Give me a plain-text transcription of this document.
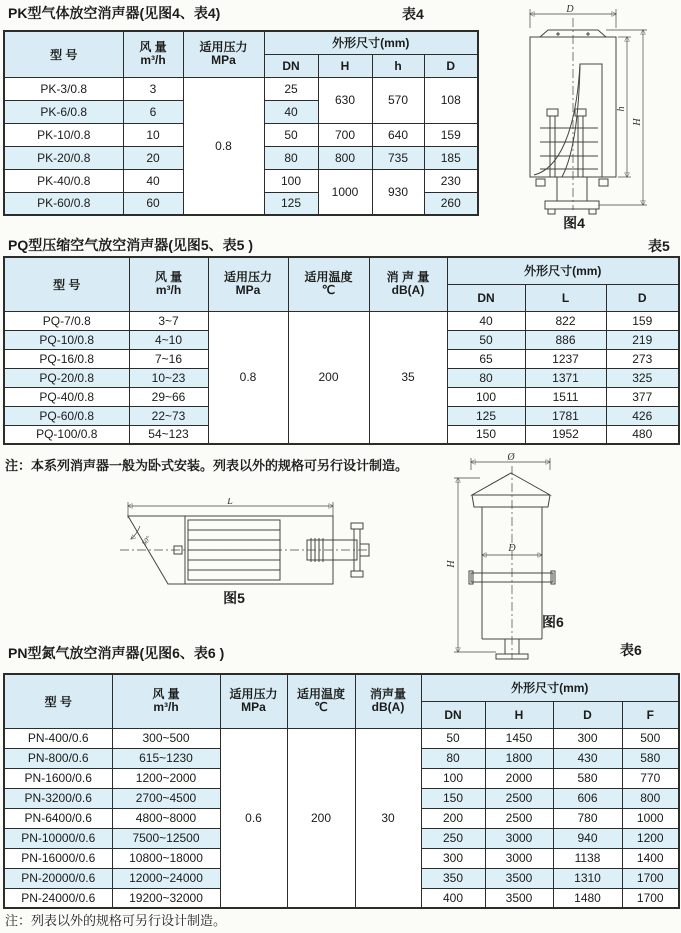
PK型气体放空消声器(见图4、表4)	表4
型 号	
风 量
m³/h

适用压力
MPa
	外形尺寸(mm)
			DN	H	h	D
PK-3/0.8	3	0.8	25	630	570	108
PK-6/0.8	6		40			
PK-10/0.8	10		50	700	640	159
PK-20/0.8	20		80	800	735	185
PK-40/0.8	40		100	1000	930	230
PK-60/0.8	60		125			260
D
h
H
图4
PQ型压缩空气放空消声器(见图5、表5 )	表5
型 号	
风 量
m³/h

适用压力
MPa

适用温度
℃

消 声 量
dB(A)
	外形尺寸(mm)
					DN	L	D
PQ-7/0.8	3~7	0.8	200	35	40	822	159
PQ-10/0.8	4~10				50	886	219
PQ-16/0.8	7~16				65	1237	273
PQ-20/0.8	10~23				80	1371	325
PQ-40/0.8	29~66				100	1511	377
PQ-60/0.8	22~73				125	1781	426
PQ-100/0.8	54~123				150	1952	480
注：本系列消声器一般为卧式安装。列表以外的规格可另行设计制造。
L
50°
图5
Ø
D
H
图6
表6
PN型氮气放空消声器(见图6、表6 )
型 号	
风 量
m³/h

适用压力
MPa

适用温度
℃

消声量
dB(A)
	外形尺寸(mm)
					DN	H	D	F
PN-400/0.6	300~500	0.6	200	30	50	1450	300	500
PN-800/0.6	615~1230				80	1800	430	580
PN-1600/0.6	1200~2000				100	2000	580	770
PN-3200/0.6	2700~4500				150	2500	606	800
PN-6400/0.6	4800~8000				200	2500	780	1000
PN-10000/0.6	7500~12500				250	3000	940	1200
PN-16000/0.6	10800~18000				300	3000	1138	1400
PN-20000/0.6	12000~24000				350	3500	1310	1700
PN-24000/0.6	19200~32000				400	3500	1480	1700
注：列表以外的规格可另行设计制造。
